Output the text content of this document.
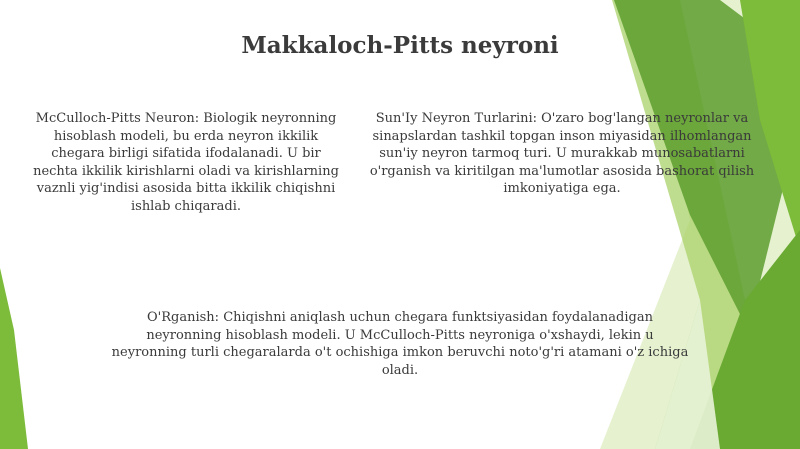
Makkaloch-Pitts neyroni

McCulloch-Pitts Neuron: Biologik neyronning hisoblash modeli, bu erda neyron ikkilik chegara birligi sifatida ifodalanadi. U bir nechta ikkilik kirishlarni oladi va kirishlarning vaznli yig'indisi asosida bitta ikkilik chiqishni ishlab chiqaradi.

Sun'Iy Neyron Turlarini: O'zaro bog'langan neyronlar va sinapslardan tashkil topgan inson miyasidan ilhomlangan sun'iy neyron tarmoq turi. U murakkab munosabatlarni o'rganish va kiritilgan ma'lumotlar asosida bashorat qilish imkoniyatiga ega.

O'Rganish: Chiqishni aniqlash uchun chegara funktsiyasidan foydalanadigan neyronning hisoblash modeli. U McCulloch-Pitts neyroniga o'xshaydi, lekin u neyronning turli chegaralarda o't ochishiga imkon beruvchi noto'g'ri atamani o'z ichiga oladi.
